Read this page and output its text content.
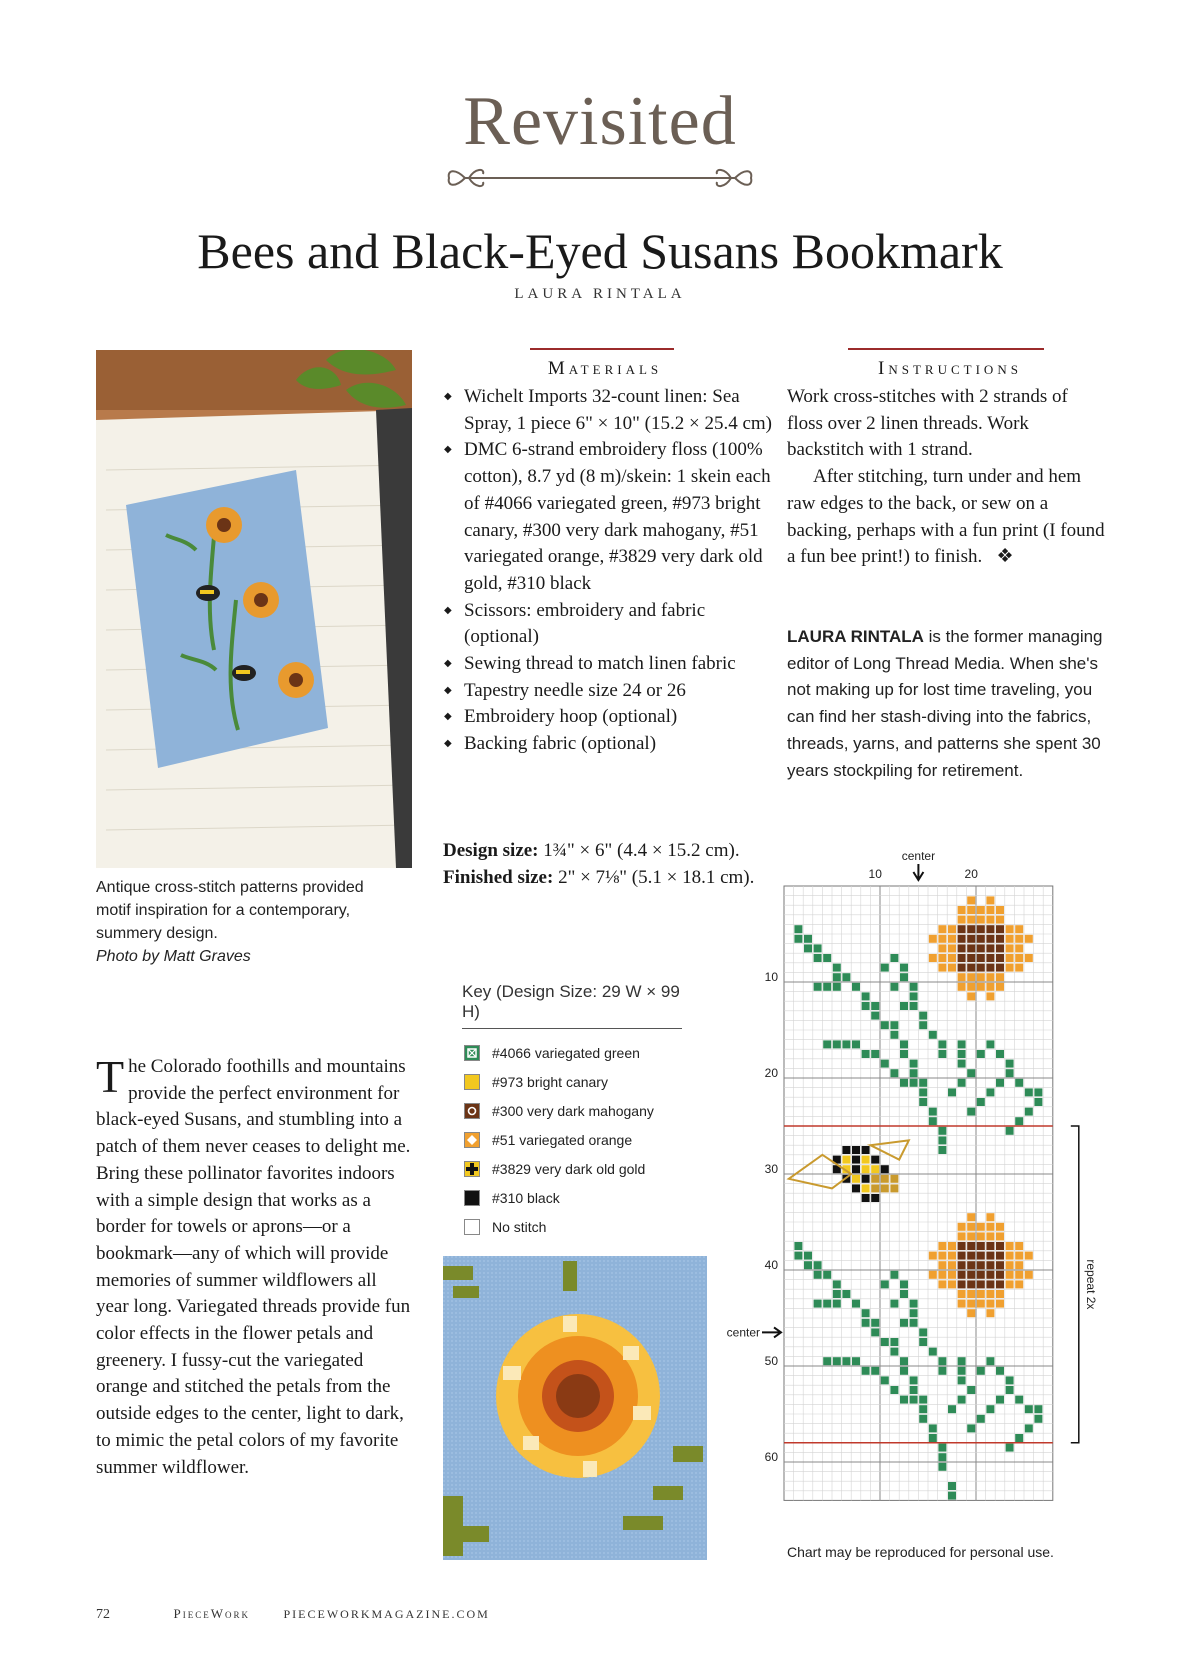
Revisited
Bees and Black-Eyed Susans Bookmark
LAURA RINTALA
Antique cross-stitch patterns provided motif inspiration for a contemporary, summery design.
Photo by Matt Graves
Materials
◆ Wichelt Imports 32-count linen: Sea Spray, 1 piece 6" × 10" (15.2 × 25.4 cm)
◆ DMC 6-strand embroidery floss (100% cotton), 8.7 yd (8 m)/skein: 1 skein each of #4066 variegated green, #973 bright canary, #300 very dark mahogany, #51 variegated orange, #3829 very dark old gold, #310 black
◆ Scissors: embroidery and fabric (optional)
◆ Sewing thread to match linen fabric
◆ Tapestry needle size 24 or 26
◆ Embroidery hoop (optional)
◆ Backing fabric (optional)
Design size: 1¾" × 6" (4.4 × 15.2 cm).
Finished size: 2" × 7⅛" (5.1 × 18.1 cm).
Instructions

Work cross-stitches with 2 strands of floss over 2 linen threads. Work backstitch with 1 strand.

After stitching, turn under and hem raw edges to the back, or sew on a backing, perhaps with a fun print (I found a fun bee print!) to finish. ❖

LAURA RINTALA is the former managing editor of Long Thread Media. When she's not making up for lost time traveling, you can find her stash-diving into the fabrics, threads, yarns, and patterns she spent 30 years stockpiling for retirement.
Key (Design Size: 29 W × 99 H)
#4066 variegated green
#973 bright canary
#300 very dark mahogany
#51 variegated orange
#3829 very dark old gold
#310 black
No stitch
The Colorado foothills and mountains provide the perfect environment for black-eyed Susans, and stumbling into a patch of them never ceases to delight me. Bring these pollinator favorites indoors with a simple design that works as a border for towels or aprons—or a bookmark—any of which will provide memories of summer wildflowers all year long. Variegated threads provide fun color effects in the flower petals and greenery. I fussy-cut the variegated orange and stitched the petals from the outside edges to the center, light to dark, to mimic the petal colors of my favorite summer wildflower.
center
10	20
10
20
30
40
50
60
center
repeat 2x
Chart may be reproduced for personal use.
72	PieceWork	PIECEWORKMAGAZINE.COM
